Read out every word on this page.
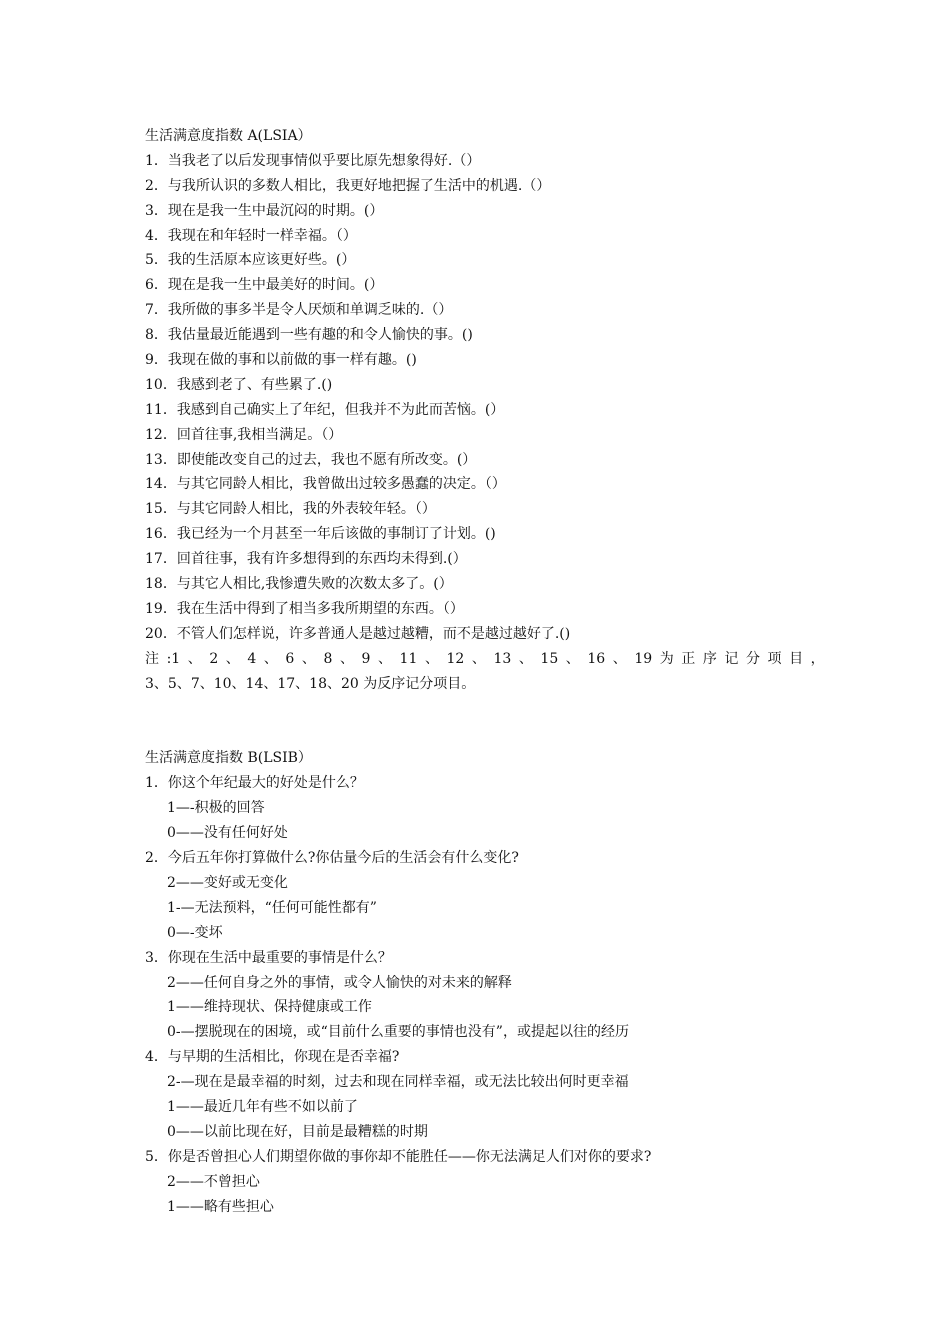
生活满意度指数 A(LSIA）
1．当我老了以后发现事情似乎要比原先想象得好.（）
2．与我所认识的多数人相比，我更好地把握了生活中的机遇.（）
3．现在是我一生中最沉闷的时期。(）
4．我现在和年轻时一样幸福。（）
5．我的生活原本应该更好些。(）
6．现在是我一生中最美好的时间。(）
7．我所做的事多半是令人厌烦和单调乏味的.（）
8．我估量最近能遇到一些有趣的和令人愉快的事。()
9．我现在做的事和以前做的事一样有趣。()
10．我感到老了、有些累了.()
11．我感到自己确实上了年纪，但我并不为此而苦恼。(）
12．回首往事,我相当满足。（）
13．即使能改变自己的过去，我也不愿有所改变。(）
14．与其它同龄人相比，我曾做出过较多愚蠢的决定。（）
15．与其它同龄人相比，我的外表较年轻。（）
16．我已经为一个月甚至一年后该做的事制订了计划。()
17．回首往事，我有许多想得到的东西均未得到.(）
18．与其它人相比,我惨遭失败的次数太多了。(）
19．我在生活中得到了相当多我所期望的东西。（）
20．不管人们怎样说，许多普通人是越过越糟，而不是越过越好了.()
注 :1 、 2 、 4 、 6 、 8 、 9 、 11 、 12 、 13 、 15 、 16 、 19 为 正 序 记 分 项 目 ，
3、5、7、10、14、17、18、20 为反序记分项目。
生活满意度指数 B(LSIB）
1．你这个年纪最大的好处是什么？
1—-积极的回答
0——没有任何好处
2．今后五年你打算做什么?你估量今后的生活会有什么变化?
2——变好或无变化
1-—无法预料，“任何可能性都有”
0—-变坏
3．你现在生活中最重要的事情是什么？
2——任何自身之外的事情，或令人愉快的对未来的解释
1——维持现状、保持健康或工作
0-—摆脱现在的困境，或“目前什么重要的事情也没有”，或提起以往的经历
4．与早期的生活相比，你现在是否幸福?
2-—现在是最幸福的时刻，过去和现在同样幸福，或无法比较出何时更幸福
1——最近几年有些不如以前了
0——以前比现在好，目前是最糟糕的时期
5．你是否曾担心人们期望你做的事你却不能胜任——你无法满足人们对你的要求?
2——不曾担心
1——略有些担心
